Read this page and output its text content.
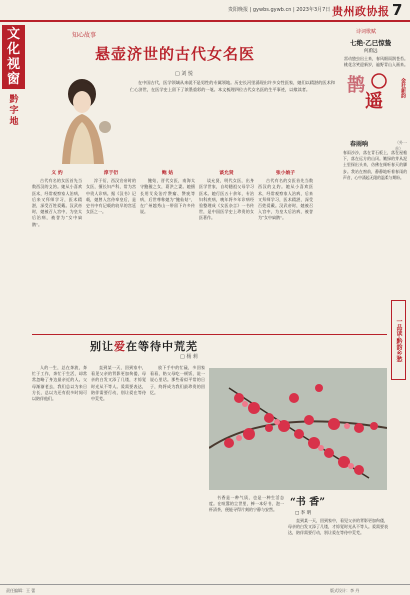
贵阳晚报 | gywbs.gywb.cn | 2023年3月7日 贵州政协报 7
文
化
视
窗
黔字地
知心故事
悬壶济世的古代女名医
□ 刘 悦
在中国古代，医学领域从来就不是男性的专属领地。历史长河里涌现出许多女性医家，她们以精湛的医术和仁心济世，在医学史上留下了浓墨重彩的一笔。本文梳理四位古代女名医的生平事迹，以飨读者。
义 妁

古代有名的女医首先当数西汉的义妁。她从小喜欢医术，经常观察家人治病，后来又拜师学习，医术精湛，深受百姓爱戴。汉武帝时，她被召入宫中，为皇太后治病，被誉为“女中扁鹊”。

淳于衍

淳于衍，西汉宣帝时的女医，擅长妇产科，常为宫中贵人诊病。据《汉书》记载，她曾入宫侍奉皇后，是史书中有记载的较早的宫廷女医之一。

鲍 姑

鲍姑，晋代女医，南海太守鲍靓之女，葛洪之妻。她擅长用艾灸治疗赘瘤、赘疣等病，后世尊称她为“鲍仙姑”，在广州越秀山一带留下许多传说。

谈允贤

谈允贤，明代女医，出身医学世家，自幼随祖父母学习医术。她行医五十余年，专治妇科疾病，晚年将多年诊病经验整理成《女医杂言》一书传世，是中国医学史上珍贵的女医著作。

张小娘子

古代有名的女医首先当数西汉的义妁。她从小喜欢医术，经常观察家人治病，后来又拜师学习，医术精湛，深受百姓爱戴。汉武帝时，她被召入宫中，为皇太后治病，被誉为“女中扁鹊”。

诗词歌赋
七绝·乙巳惊蛰
何蔚远
雷动蛰虫出土来，春风细雨润苍苔。桃花含笑迎新岁，遍野青山入画来。
鹊
遥
金社新韵
春雨响	（外一首）
春雨沙沙，落在青石板上，落在屋檐下，落在远方的山冈。嫩绿的芽从泥土里探出头来，仿佛在倾听春天的脚步。我站在窗前，静静地听着春雨的声音，心中涌起无限的温柔与期盼。
一品读·黔韵乡愁
别让爱在等待中荒芜
□ 杨 莉

人的一生，总在奔波，奔忙于工作，奔忙于生活，却常常忽略了身边最亲近的人。父母渐渐老去，我们总以为来日方长，总以为还有很多时间可以陪伴他们。

直到某一天，回到家中，看见父亲的背影更加佝偻，母亲的白发又添了几缕，才惊觉时光从不等人。爱需要表达，陪伴需要行动，别让爱在等待中荒芜。

放下手中的忙碌，多回家看看，陪父母吃一顿饭，说一说心里话。那些看似平常的日子，终将成为我们最珍贵的回忆。

“书 香”
□ 李 明

书香是一种气质，也是一种生活态度。在喧嚣的尘世里，捧一本好书，泡一杯清茶，便能寻得片刻的宁静与安然。

直到某一天，回到家中，看见父亲的背影更加佝偻，母亲的白发又添了几缕，才惊觉时光从不等人。爱需要表达，陪伴需要行动，别让爱在等待中荒芜。

责任编辑：王 蕾	版式设计：李 丹
